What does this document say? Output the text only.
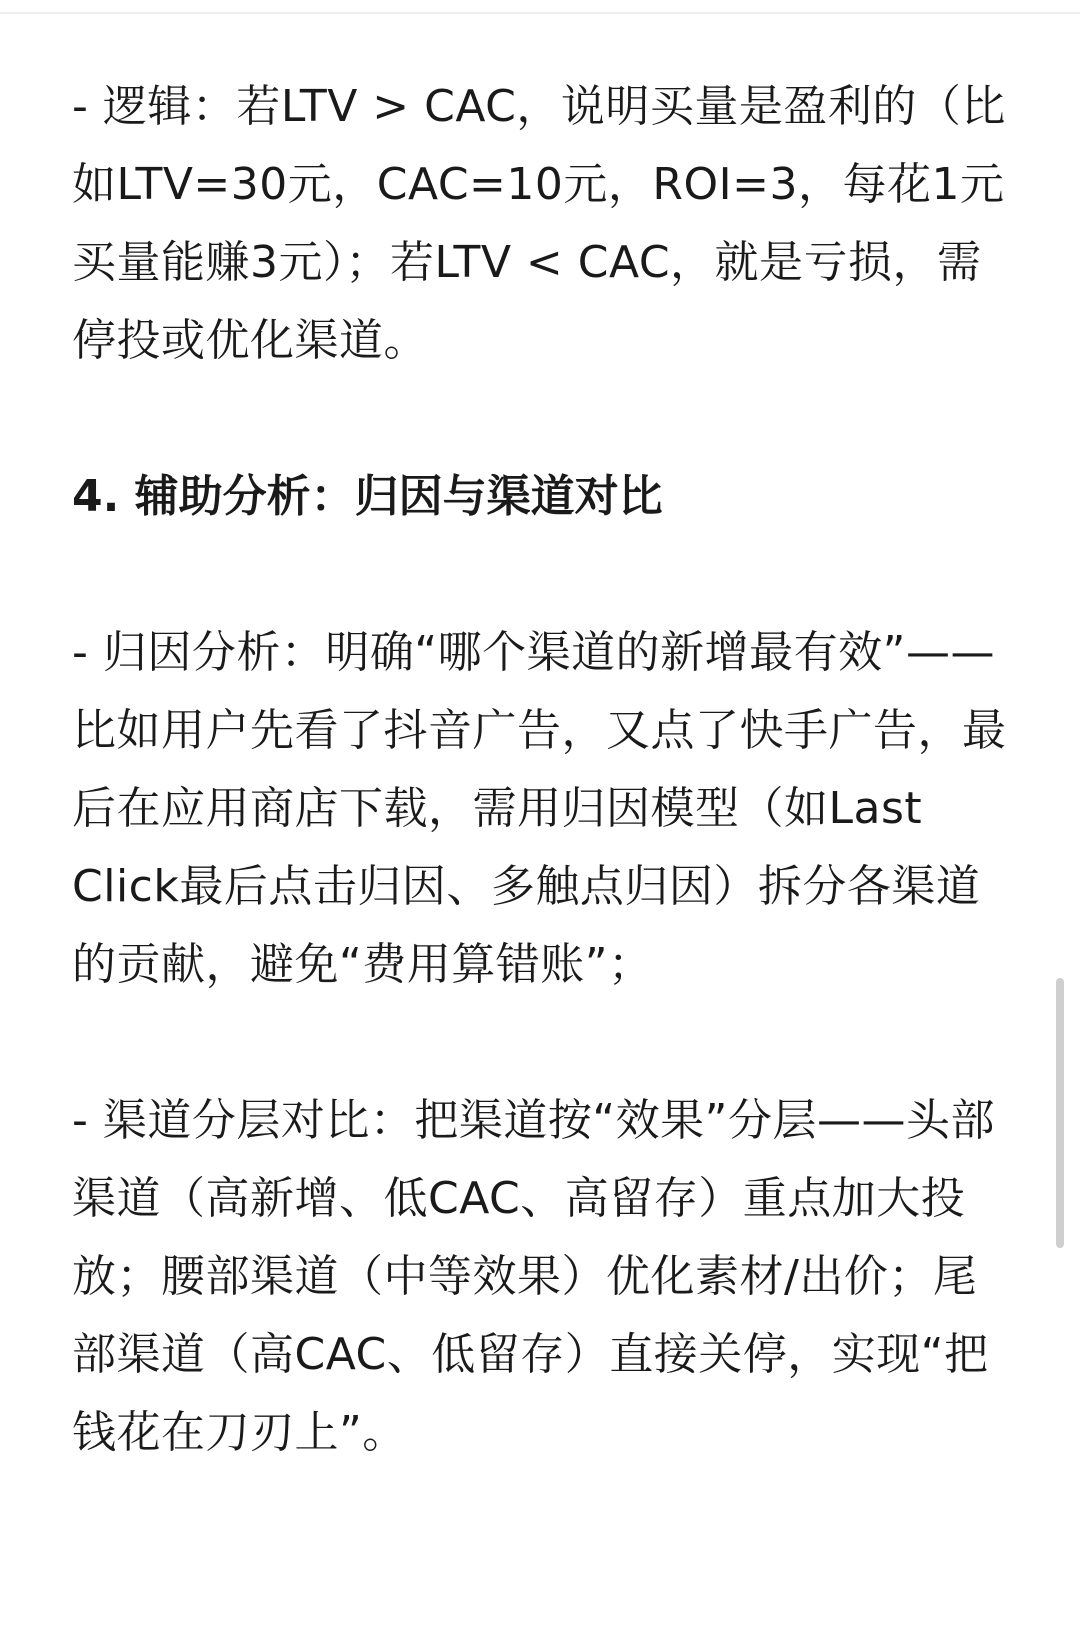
- 逻辑：若LTV > CAC，说明买量是盈利的（比如LTV=30元，CAC=10元，ROI=3，每花1元买量能赚3元）；若LTV < CAC，就是亏损，需停投或优化渠道。

4. 辅助分析：归因与渠道对比

- 归因分析：明确“哪个渠道的新增最有效”——比如用户先看了抖音广告，又点了快手广告，最后在应用商店下载，需用归因模型（如Last Click最后点击归因、多触点归因）拆分各渠道的贡献，避免“费用算错账”；

- 渠道分层对比：把渠道按“效果”分层——头部渠道（高新增、低CAC、高留存）重点加大投放；腰部渠道（中等效果）优化素材/出价；尾部渠道（高CAC、低留存）直接关停，实现“把钱花在刀刃上”。
